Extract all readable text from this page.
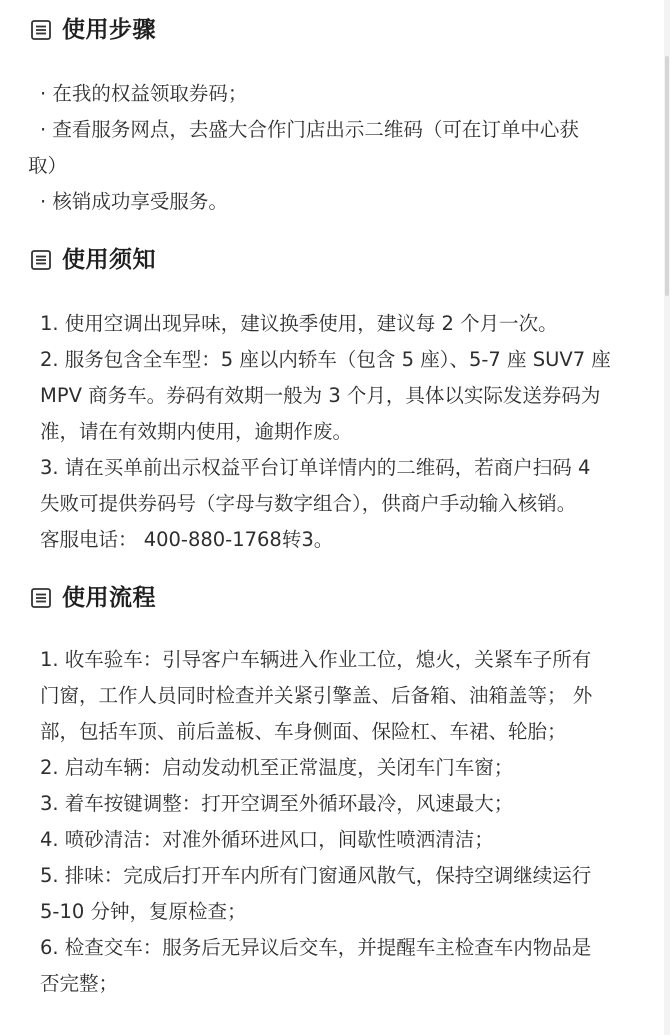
使用步骤
· 在我的权益领取券码；
· 查看服务网点，去盛大合作门店出示二维码（可在订单中心获
取）
· 核销成功享受服务。
使用须知
1. 使用空调出现异味，建议换季使用，建议每 2 个月一次。
2. 服务包含全车型：5 座以内轿车（包含 5 座）、5-7 座 SUV7 座
MPV 商务车。券码有效期一般为 3 个月，具体以实际发送券码为
准，请在有效期内使用，逾期作废。
3. 请在买单前出示权益平台订单详情内的二维码，若商户扫码 4
失败可提供券码号（字母与数字组合），供商户手动输入核销。
客服电话： 400-880-1768转3。
使用流程
1. 收车验车：引导客户车辆进入作业工位，熄火，关紧车子所有
门窗，工作人员同时检查并关紧引擎盖、后备箱、油箱盖等； 外
部，包括车顶、前后盖板、车身侧面、保险杠、车裙、轮胎；
2. 启动车辆：启动发动机至正常温度，关闭车门车窗；
3. 着车按键调整：打开空调至外循环最冷，风速最大；
4. 喷砂清洁：对准外循环进风口，间歇性喷洒清洁；
5. 排味：完成后打开车内所有门窗通风散气，保持空调继续运行
5-10 分钟，复原检查；
6. 检查交车：服务后无异议后交车，并提醒车主检查车内物品是
否完整；
